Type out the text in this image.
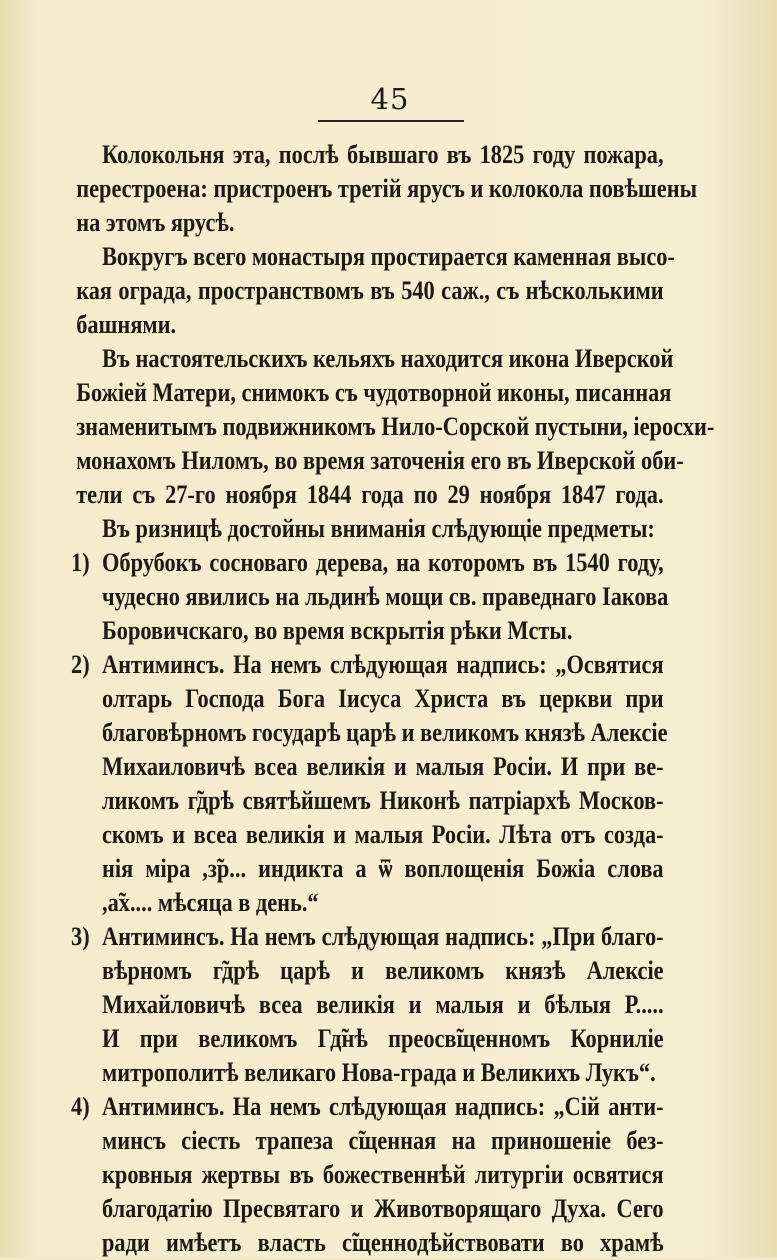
45
Колокольня эта, послѣ бывшаго въ 1825 году пожара,
перестроена: пристроенъ третій ярусъ и колокола повѣшены
на этомъ ярусѣ.
Вокругъ всего монастыря простирается каменная высо-
кая ограда, пространствомъ въ 540 саж., съ нѣсколькими
башнями.
Въ настоятельскихъ кельяхъ находится икона Иверской
Божіей Матери, снимокъ съ чудотворной иконы, писанная
знаменитымъ подвижникомъ Нило-Сорской пустыни, іеросхи-
монахомъ Ниломъ, во время заточенія его въ Иверской оби-
тели съ 27-го ноября 1844 года по 29 ноября 1847 года.
Въ ризницѣ достойны вниманія слѣдующіе предметы:
1) Обрубокъ сосноваго дерева, на которомъ въ 1540 году,
чудесно явились на льдинѣ мощи св. праведнаго Іакова
Боровичскаго, во время вскрытія рѣки Мсты.
2) Антиминсъ. На немъ слѣдующая надпись: „Освятися
олтарь Господа Бога Іисуса Христа въ церкви при
благовѣрномъ государѣ царѣ и великомъ князѣ Алексіе
Михаиловичѣ всеа великія и малыя Росіи. И при ве-
ликомъ г̃дрѣ святѣйшемъ Никонѣ патріархѣ Москов-
скомъ и всеа великія и малыя Росіи. Лѣта отъ созда-
нія міра ,з̃р... индикта а ѿ воплощенія Божіа слова
,а̃х.... мѣсяца в день.“
3) Антиминсъ. На немъ слѣдующая надпись: „При благо-
вѣрномъ г̃дрѣ царѣ и великомъ князѣ Алексіе
Михайловичѣ всеа великія и малыя и бѣлыя Р.....
И при великомъ Гд̃нѣ преосв̃щенномъ Корниліе
митрополитѣ великаго Нова-града и Великихъ Лукъ“.
4) Антиминсъ. На немъ слѣдующая надпись: „Сій анти-
минсъ сіесть трапеза с̃щенная на приношеніе без-
кровныя жертвы въ божественнѣй литургіи освятися
благодатію Пресвятаго и Животворящаго Духа. Сего
ради имѣетъ власть с̃щеннодѣйствовати во храмѣ
